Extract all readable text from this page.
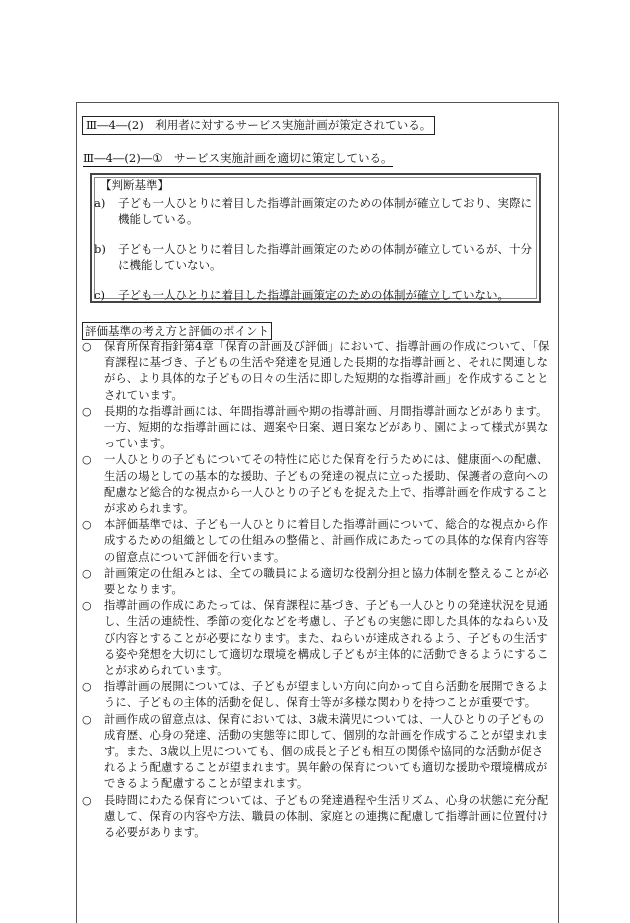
Ⅲ―4―(2)　利用者に対するサービス実施計画が策定されている。
Ⅲ―4―(2)―①　サービス実施計画を適切に策定している。
【判断基準】
a)	子ども一人ひとりに着目した指導計画策定のための体制が確立しており、実際に機能している。
b)	子ども一人ひとりに着目した指導計画策定のための体制が確立しているが、十分に機能していない。
c)	子ども一人ひとりに着目した指導計画策定のための体制が確立していない。
評価基準の考え方と評価のポイント
○	保育所保育指針第4章「保育の計画及び評価」において、指導計画の作成について、「保育課程に基づき、子どもの生活や発達を見通した長期的な指導計画と、それに関連しながら、より具体的な子どもの日々の生活に即した短期的な指導計画」を作成することとされています。
○	長期的な指導計画には、年間指導計画や期の指導計画、月間指導計画などがあります。一方、短期的な指導計画には、週案や日案、週日案などがあり、園によって様式が異なっています。
○	一人ひとりの子どもについてその特性に応じた保育を行うためには、健康面への配慮、生活の場としての基本的な援助、子どもの発達の視点に立った援助、保護者の意向への配慮など総合的な視点から一人ひとりの子どもを捉えた上で、指導計画を作成することが求められます。
○	本評価基準では、子ども一人ひとりに着目した指導計画について、総合的な視点から作成するための組織としての仕組みの整備と、計画作成にあたっての具体的な保育内容等の留意点について評価を行います。
○	計画策定の仕組みとは、全ての職員による適切な役割分担と協力体制を整えることが必要となります。
○	指導計画の作成にあたっては、保育課程に基づき、子ども一人ひとりの発達状況を見通し、生活の連続性、季節の変化などを考慮し、子どもの実態に即した具体的なねらい及び内容とすることが必要になります。また、ねらいが達成されるよう、子どもの生活する姿や発想を大切にして適切な環境を構成し子どもが主体的に活動できるようにすることが求められています。
○	指導計画の展開については、子どもが望ましい方向に向かって自ら活動を展開できるように、子どもの主体的活動を促し、保育士等が多様な関わりを持つことが重要です。
○	計画作成の留意点は、保育においては、3歳未満児については、一人ひとりの子どもの成育歴、心身の発達、活動の実態等に即して、個別的な計画を作成することが望まれます。また、3歳以上児についても、個の成長と子ども相互の関係や協同的な活動が促されるよう配慮することが望まれます。異年齢の保育についても適切な援助や環境構成ができるよう配慮することが望まれます。
○	長時間にわたる保育については、子どもの発達過程や生活リズム、心身の状態に充分配慮して、保育の内容や方法、職員の体制、家庭との連携に配慮して指導計画に位置付ける必要があります。
